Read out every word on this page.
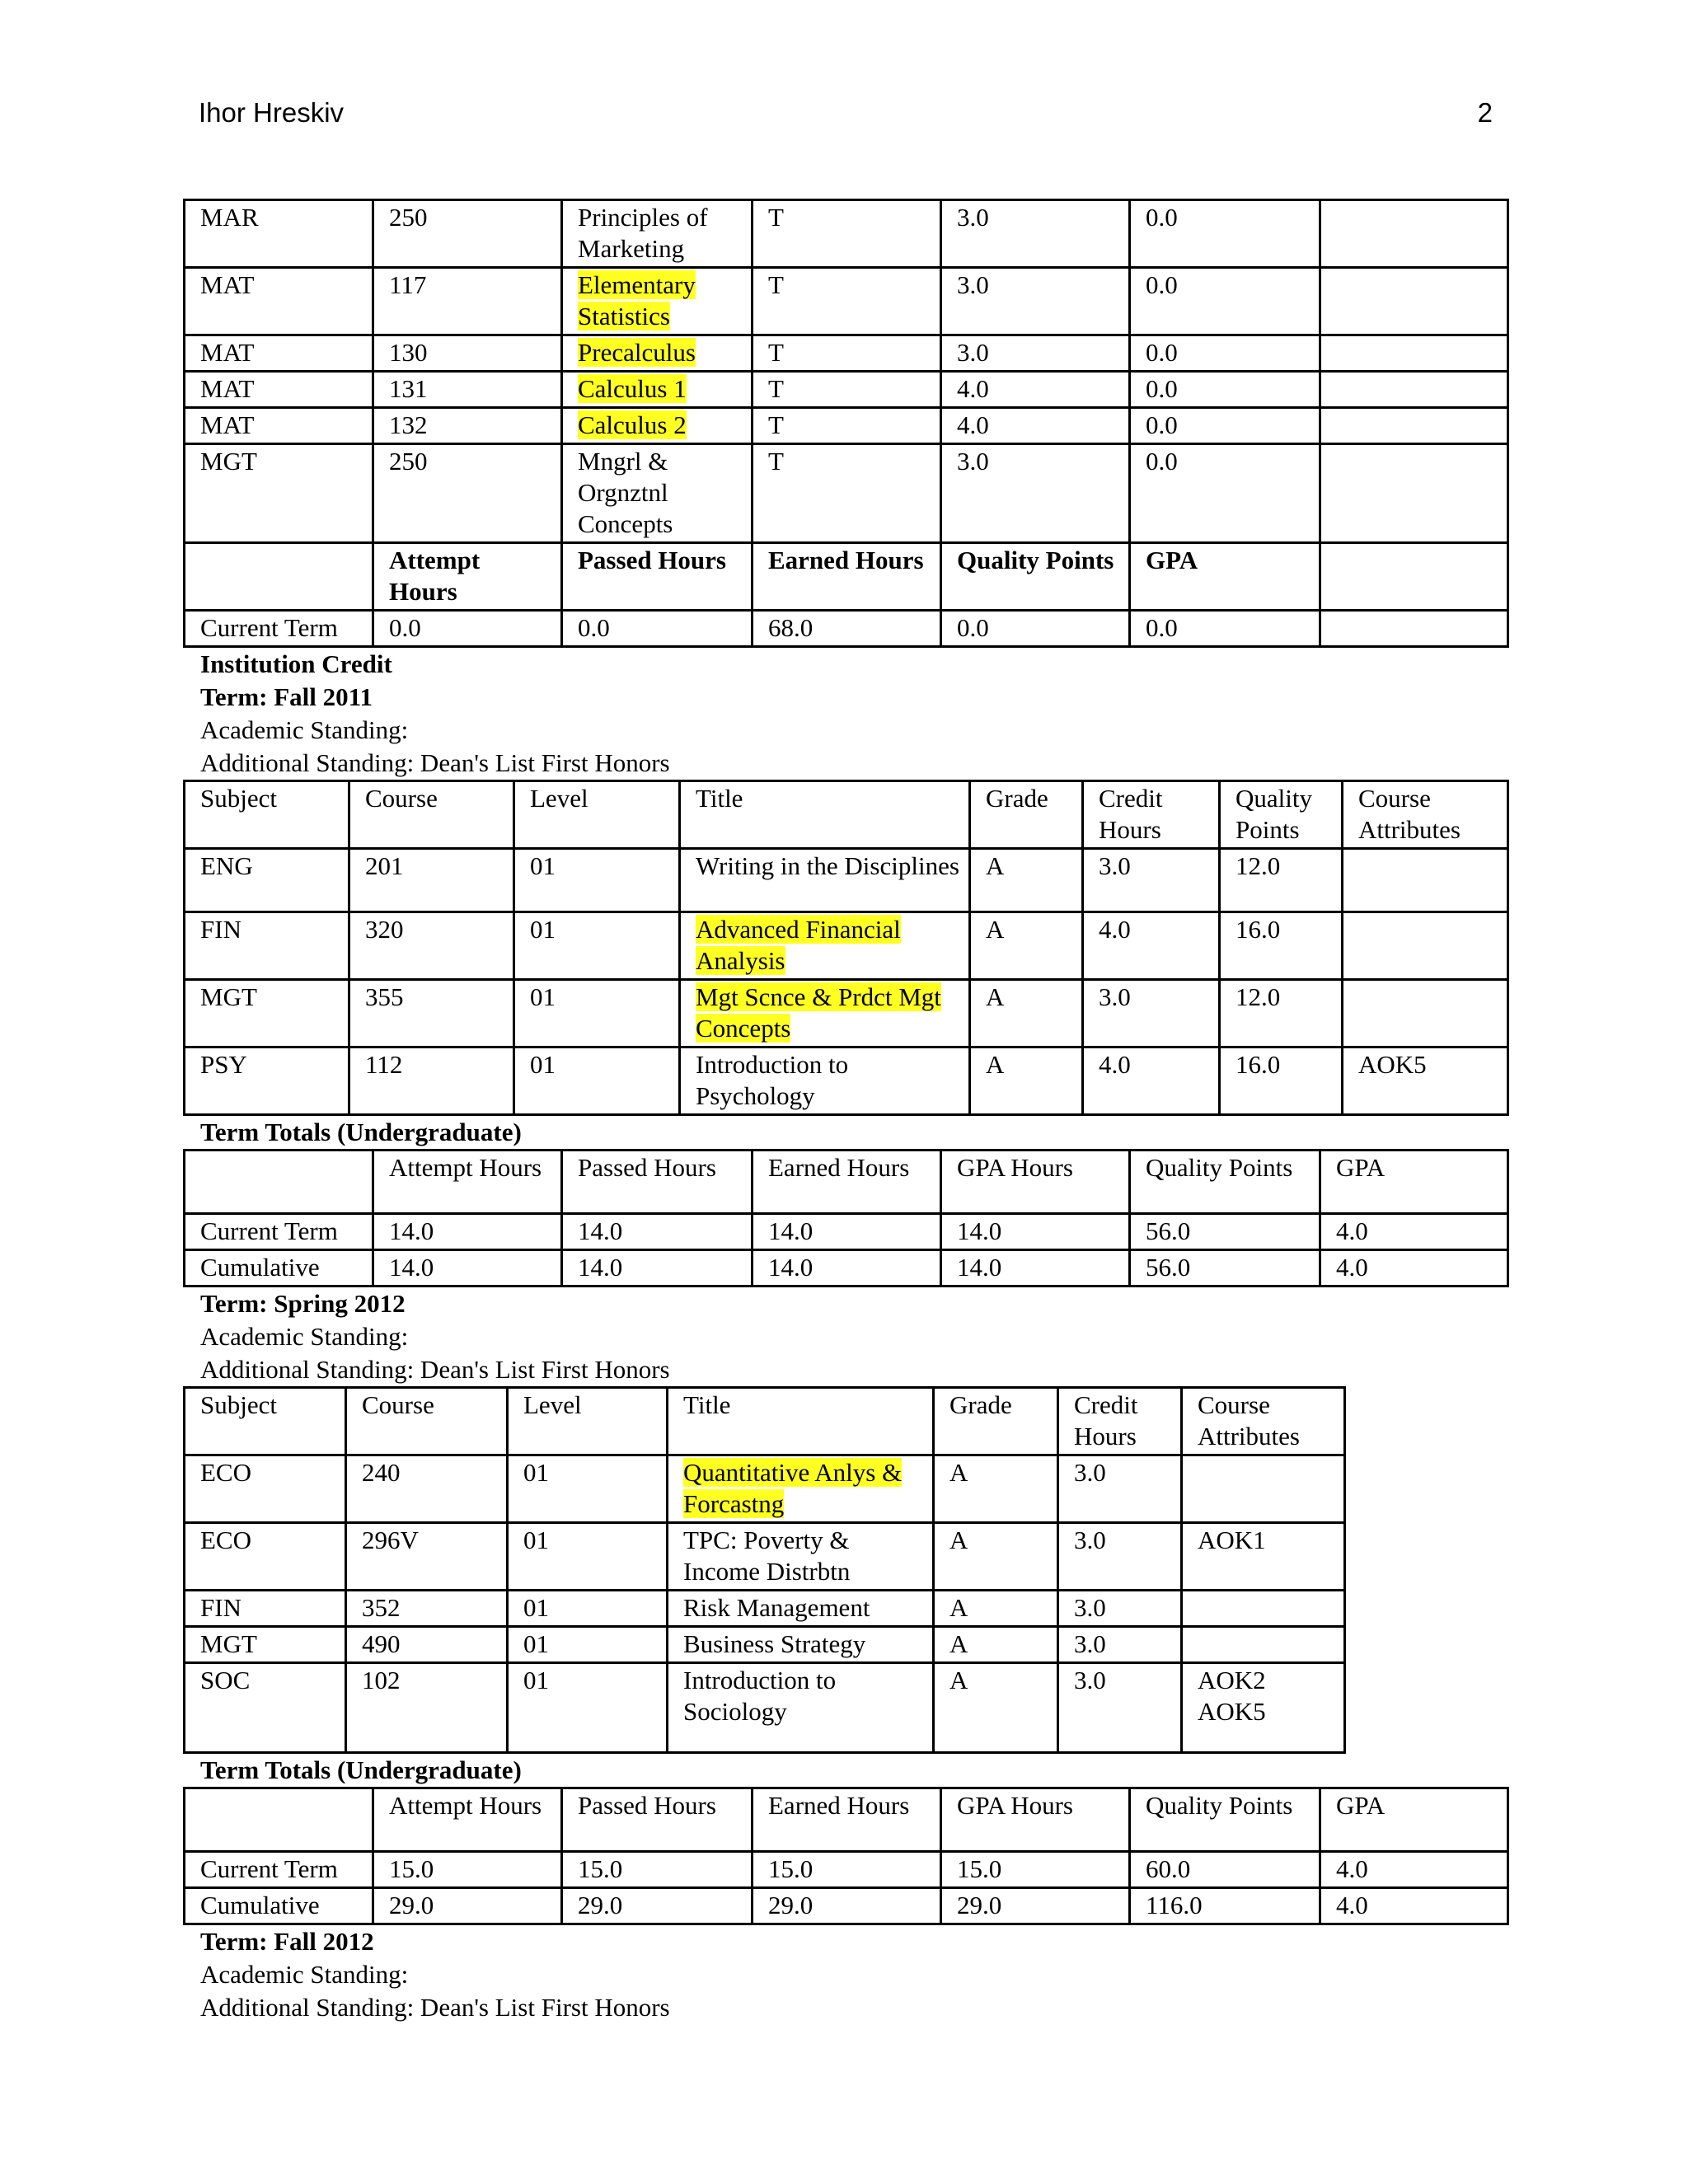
Ihor Hreskiv	2
MAR	250	Principles of Marketing	T	3.0	0.0	
MAT	117	Elementary Statistics	T	3.0	0.0	
MAT	130	Precalculus	T	3.0	0.0	
MAT	131	Calculus 1	T	4.0	0.0	
MAT	132	Calculus 2	T	4.0	0.0	
MGT	250	Mngrl & Orgnztnl Concepts	T	3.0	0.0	
	Attempt Hours	Passed Hours	Earned Hours	Quality Points	GPA	
Current Term	0.0	0.0	68.0	0.0	0.0	
Institution Credit
Term: Fall 2011
Academic Standing:
Additional Standing: Dean's List First Honors
Subject	Course	Level	Title	Grade	Credit Hours	Quality Points	Course Attributes
ENG	201	01	Writing in the Disciplines	A	3.0	12.0	
FIN	320	01	Advanced Financial Analysis	A	4.0	16.0	
MGT	355	01	Mgt Scnce & Prdct Mgt Concepts	A	3.0	12.0	
PSY	112	01	Introduction to Psychology	A	4.0	16.0	AOK5
Term Totals (Undergraduate)
	Attempt Hours	Passed Hours	Earned Hours	GPA Hours	Quality Points	GPA
Current Term	14.0	14.0	14.0	14.0	56.0	4.0
Cumulative	14.0	14.0	14.0	14.0	56.0	4.0
Term: Spring 2012
Academic Standing:
Additional Standing: Dean's List First Honors
Subject	Course	Level	Title	Grade	Credit Hours	Course Attributes
ECO	240	01	Quantitative Anlys & Forcastng	A	3.0	
ECO	296V	01	TPC: Poverty & Income Distrbtn	A	3.0	AOK1
FIN	352	01	Risk Management	A	3.0	
MGT	490	01	Business Strategy	A	3.0	
SOC	102	01	Introduction to Sociology	A	3.0	AOK2 AOK5
Term Totals (Undergraduate)
	Attempt Hours	Passed Hours	Earned Hours	GPA Hours	Quality Points	GPA
Current Term	15.0	15.0	15.0	15.0	60.0	4.0
Cumulative	29.0	29.0	29.0	29.0	116.0	4.0
Term: Fall 2012
Academic Standing:
Additional Standing: Dean's List First Honors
